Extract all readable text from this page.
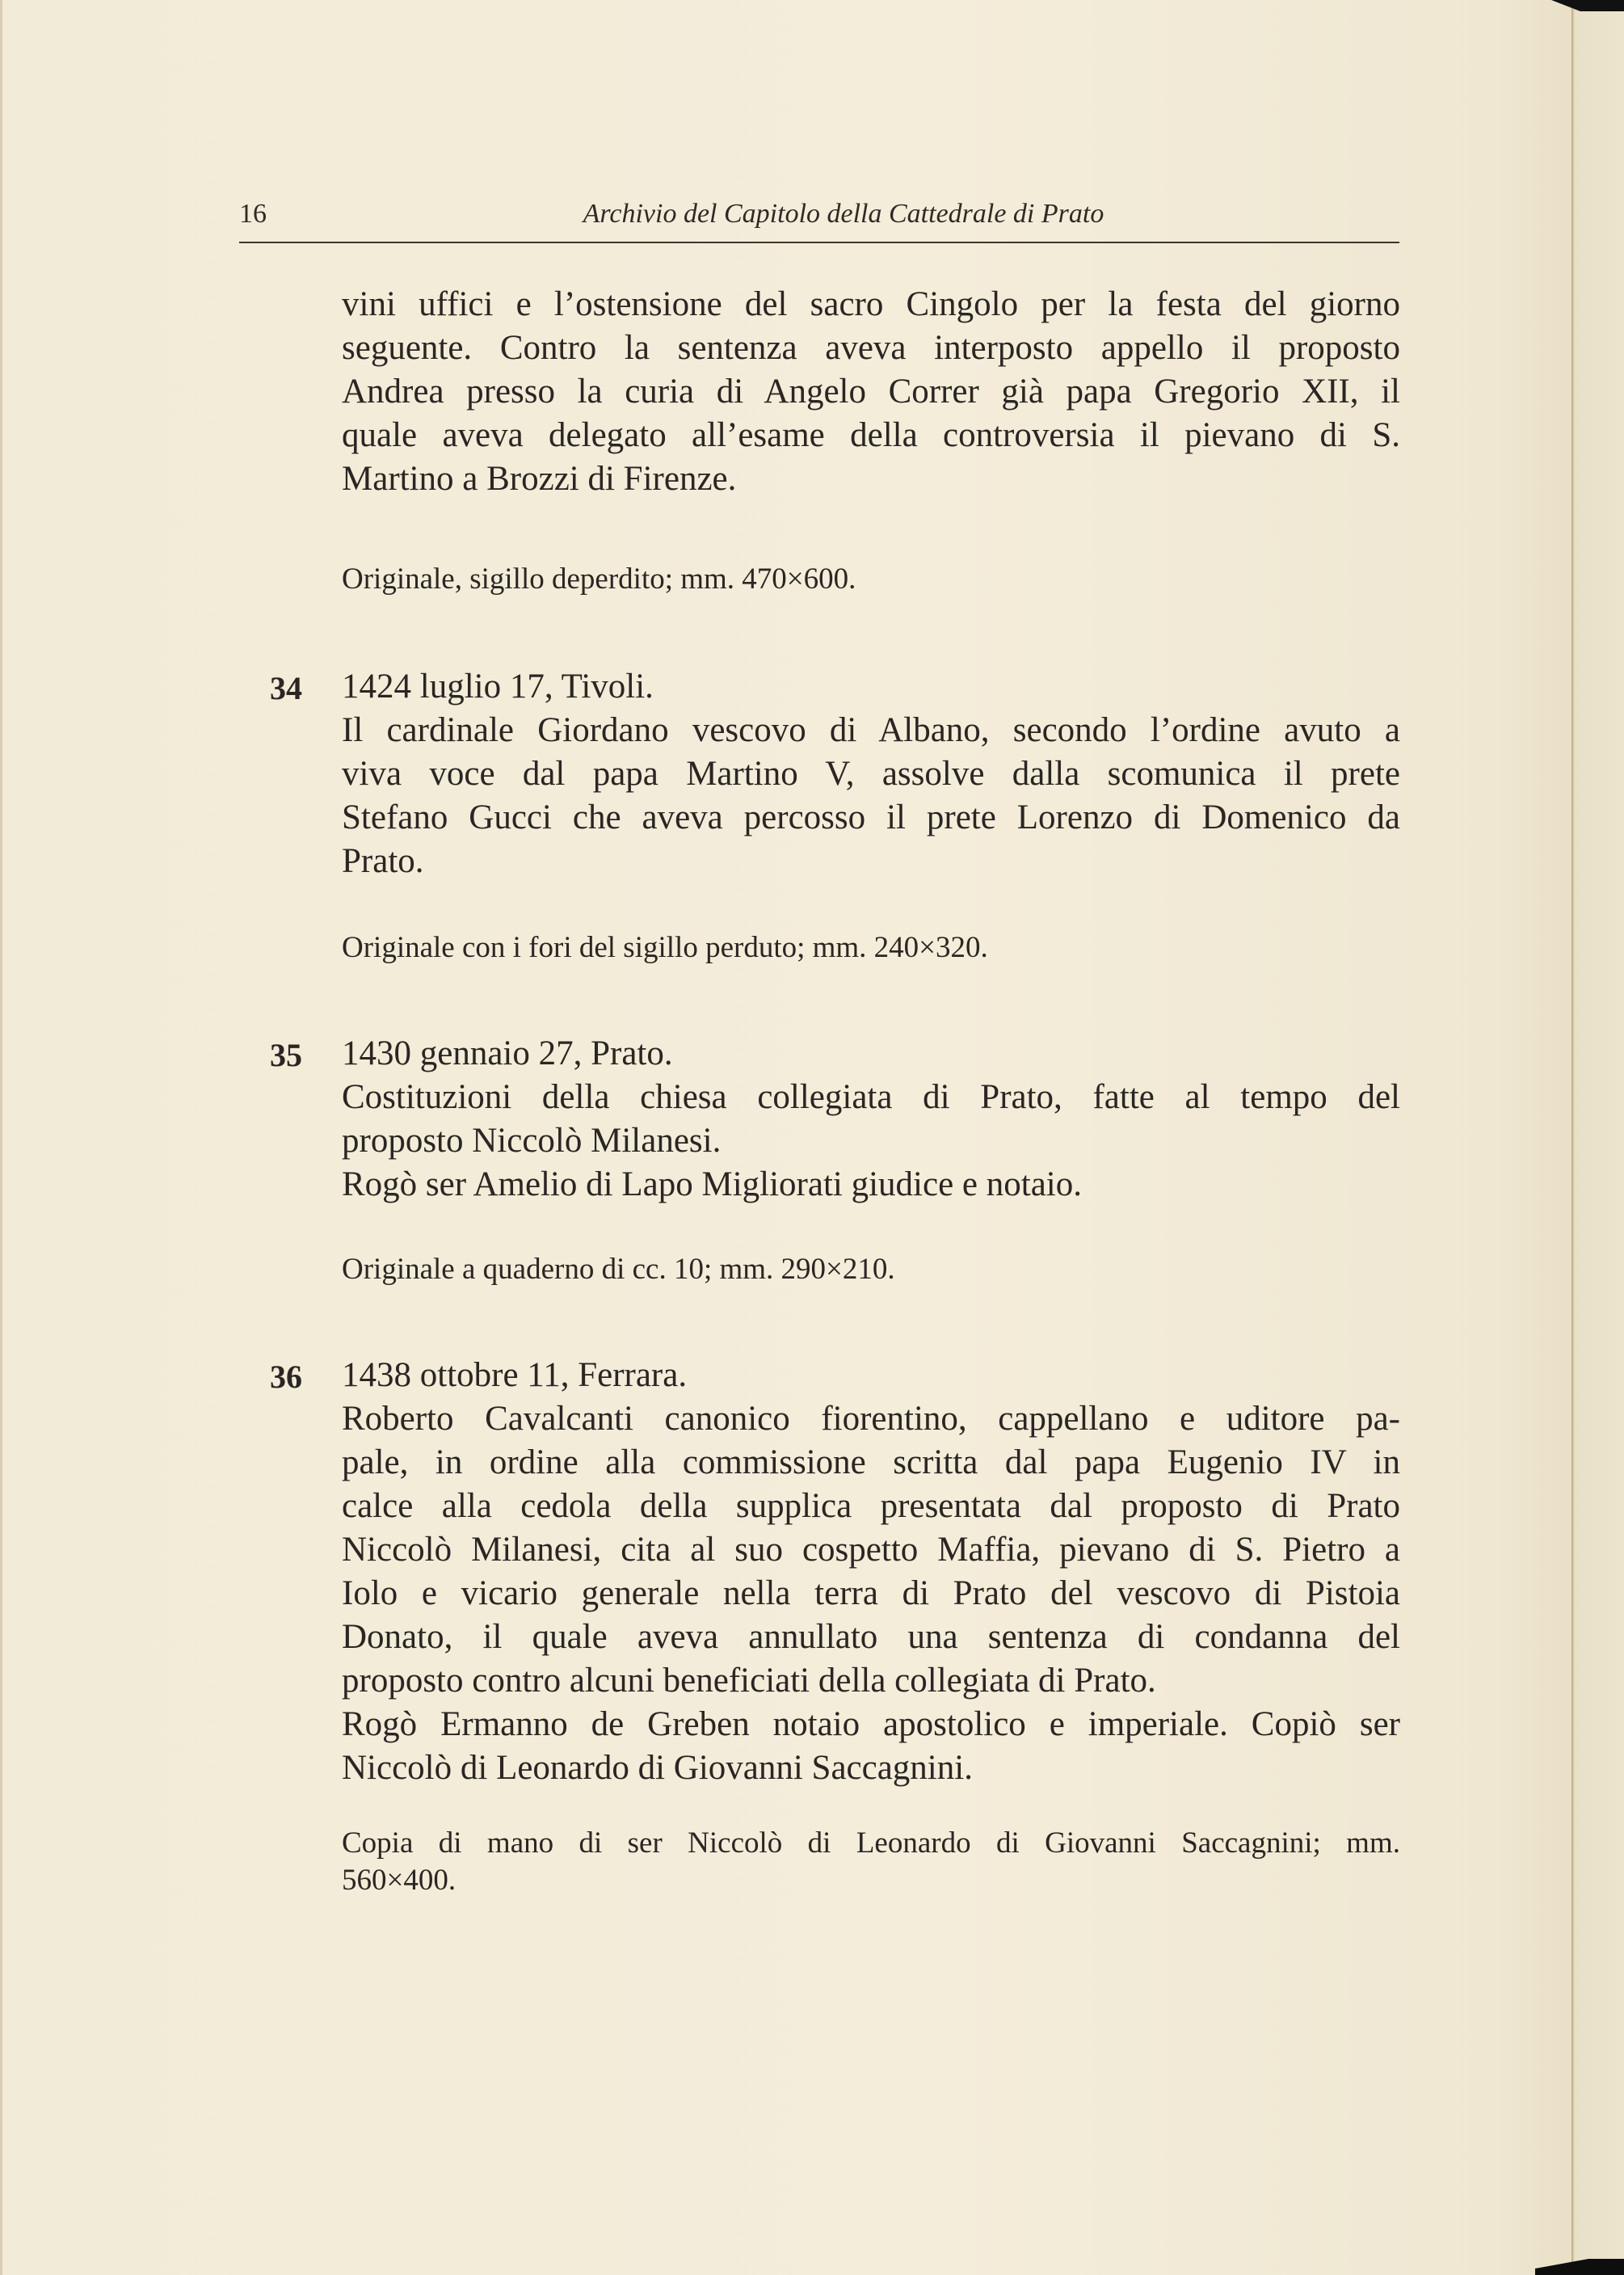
16	Archivio del Capitolo della Cattedrale di Prato
vini uffici e l’ostensione del sacro Cingolo per la festa del giorno
seguente. Contro la sentenza aveva interposto appello il proposto
Andrea presso la curia di Angelo Correr già papa Gregorio XII, il
quale aveva delegato all’esame della controversia il pievano di S.
Martino a Brozzi di Firenze.
Originale, sigillo deperdito; mm. 470×600.
34 1424 luglio 17, Tivoli.
Il cardinale Giordano vescovo di Albano, secondo l’ordine avuto a
viva voce dal papa Martino V, assolve dalla scomunica il prete
Stefano Gucci che aveva percosso il prete Lorenzo di Domenico da
Prato.
Originale con i fori del sigillo perduto; mm. 240×320.
35 1430 gennaio 27, Prato.
Costituzioni della chiesa collegiata di Prato, fatte al tempo del
proposto Niccolò Milanesi.
Rogò ser Amelio di Lapo Migliorati giudice e notaio.
Originale a quaderno di cc. 10; mm. 290×210.
36 1438 ottobre 11, Ferrara.
Roberto Cavalcanti canonico fiorentino, cappellano e uditore pa-
pale, in ordine alla commissione scritta dal papa Eugenio IV in
calce alla cedola della supplica presentata dal proposto di Prato
Niccolò Milanesi, cita al suo cospetto Maffia, pievano di S. Pietro a
Iolo e vicario generale nella terra di Prato del vescovo di Pistoia
Donato, il quale aveva annullato una sentenza di condanna del
proposto contro alcuni beneficiati della collegiata di Prato.
Rogò Ermanno de Greben notaio apostolico e imperiale. Copiò ser
Niccolò di Leonardo di Giovanni Saccagnini.
Copia di mano di ser Niccolò di Leonardo di Giovanni Saccagnini; mm.
560×400.
